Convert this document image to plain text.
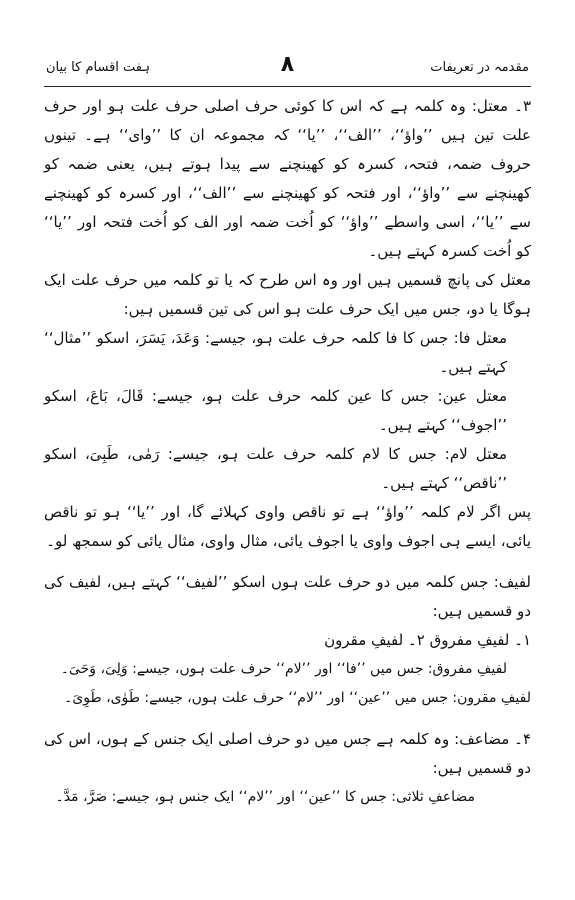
مقدمہ در تعریفات
۸
ہفت اقسام کا بیان

۳۔ معتل: وہ کلمہ ہے کہ اس کا کوئی حرف اصلی حرف علت ہو اور حرف علت تین ہیں ’’واؤ‘‘، ’’الف‘‘، ’’یا‘‘ کہ مجموعہ ان کا ’’وای‘‘ ہے۔ تینوں حروف ضمہ، فتحہ، کسرہ کو کھینچنے سے پیدا ہوتے ہیں، یعنی ضمہ کو کھینچنے سے ’’واؤ‘‘، اور فتحہ کو کھینچنے سے ’’الف‘‘، اور کسرہ کو کھینچنے سے ’’یا‘‘، اسی واسطے ’’واؤ‘‘ کو اُخت ضمہ اور الف کو اُخت فتحہ اور ’’یا‘‘ کو اُخت کسرہ کہتے ہیں۔

معتل کی پانچ قسمیں ہیں اور وہ اس طرح کہ یا تو کلمہ میں حرف علت ایک ہوگا یا دو، جس میں ایک حرف علت ہو اس کی تین قسمیں ہیں:

معتل فا: جس کا فا کلمہ حرف علت ہو، جیسے: وَعَدَ، یَسَرَ، اسکو ’’مثال‘‘ کہتے ہیں۔

معتل عین: جس کا عین کلمہ حرف علت ہو، جیسے: قَالَ، بَاعَ، اسکو ’’اجوف‘‘ کہتے ہیں۔

معتل لام: جس کا لام کلمہ حرف علت ہو، جیسے: رَمٰی، طَبِیَ، اسکو ’’ناقص‘‘ کہتے ہیں۔

پس اگر لام کلمہ ’’واؤ‘‘ ہے تو ناقص واوی کہلائے گا، اور ’’یا‘‘ ہو تو ناقص یائی، ایسے ہی اجوف واوی یا اجوف یائی، مثال واوی، مثال یائی کو سمجھ لو۔

لفیف: جس کلمہ میں دو حرف علت ہوں اسکو ’’لفیف‘‘ کہتے ہیں، لفیف کی دو قسمیں ہیں:

۱۔ لفیفِ مفروق ۲۔ لفیفِ مقرون

لفیفِ مفروق: جس میں ’’فا‘‘ اور ’’لام‘‘ حرف علت ہوں، جیسے: وَلِیَ، وَحَیَ۔

لفیفِ مقرون: جس میں ’’عین‘‘ اور ’’لام‘‘ حرف علت ہوں، جیسے: طَوٰی، طَوِیَ۔

۴۔ مضاعف: وہ کلمہ ہے جس میں دو حرف اصلی ایک جنس کے ہوں، اس کی دو قسمیں ہیں:

مضاعفِ ثلاثی: جس کا ’’عین‘‘ اور ’’لام‘‘ ایک جنس ہو، جیسے: صَرَّ، مَدَّ۔
